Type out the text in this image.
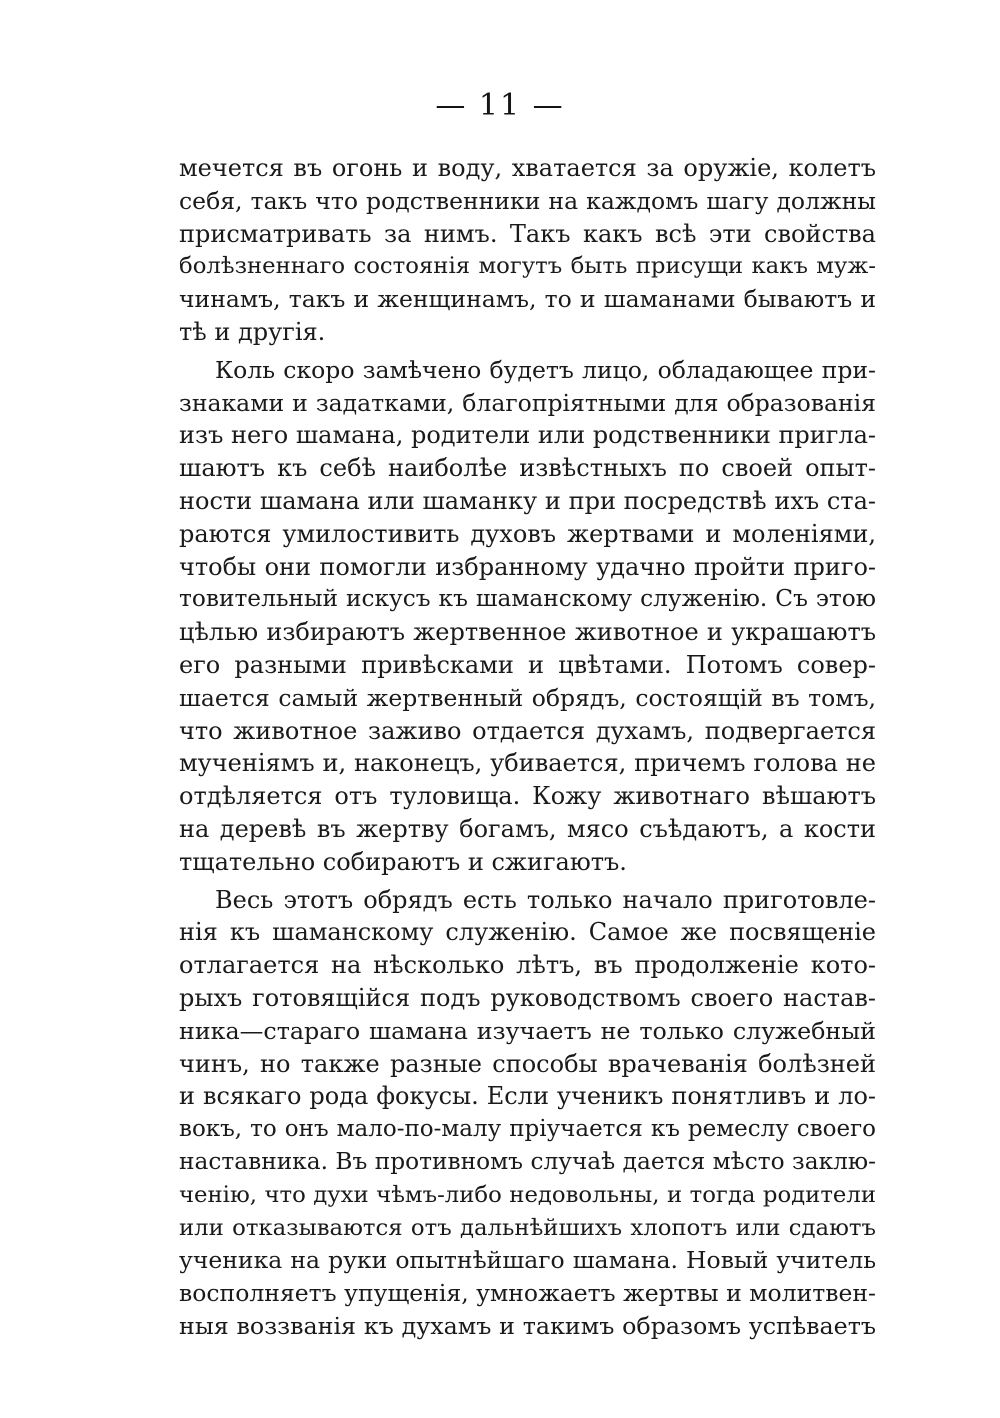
— 11 —
мечется въ огонь и воду, хватается за оружіе, колетъ
себя, такъ что родственники на каждомъ шагу должны
присматривать за нимъ. Такъ какъ всѣ эти свойства
болѣзненнаго состоянія могутъ быть присущи какъ муж-
чинамъ, такъ и женщинамъ, то и шаманами бываютъ и
тѣ и другія.
Коль скоро замѣчено будетъ лицо, обладающее при-
знаками и задатками, благопріятными для образованія
изъ него шамана, родители или родственники пригла-
шаютъ къ себѣ наиболѣе извѣстныхъ по своей опыт-
ности шамана или шаманку и при посредствѣ ихъ ста-
раются умилостивить духовъ жертвами и моленіями,
чтобы они помогли избранному удачно пройти приго-
товительный искусъ къ шаманскому служенію. Съ этою
цѣлью избираютъ жертвенное животное и украшаютъ
его разными привѣсками и цвѣтами. Потомъ совер-
шается самый жертвенный обрядъ, состоящій въ томъ,
что животное заживо отдается духамъ, подвергается
мученіямъ и, наконецъ, убивается, причемъ голова не
отдѣляется отъ туловища. Кожу животнаго вѣшаютъ
на деревѣ въ жертву богамъ, мясо съѣдаютъ, а кости
тщательно собираютъ и сжигаютъ.
Весь этотъ обрядъ есть только начало приготовле-
нія къ шаманскому служенію. Самое же посвященіе
отлагается на нѣсколько лѣтъ, въ продолженіе кото-
рыхъ готовящійся подъ руководствомъ своего настав-
ника—стараго шамана изучаетъ не только служебный
чинъ, но также разные способы врачеванія болѣзней
и всякаго рода фокусы. Если ученикъ понятливъ и ло-
вокъ, то онъ мало-по-малу пріучается къ ремеслу своего
наставника. Въ противномъ случаѣ дается мѣсто заклю-
ченію, что духи чѣмъ-либо недовольны, и тогда родители
или отказываются отъ дальнѣйшихъ хлопотъ или сдаютъ
ученика на руки опытнѣйшаго шамана. Новый учитель
восполняетъ упущенія, умножаетъ жертвы и молитвен-
ныя воззванія къ духамъ и такимъ образомъ успѣваетъ
